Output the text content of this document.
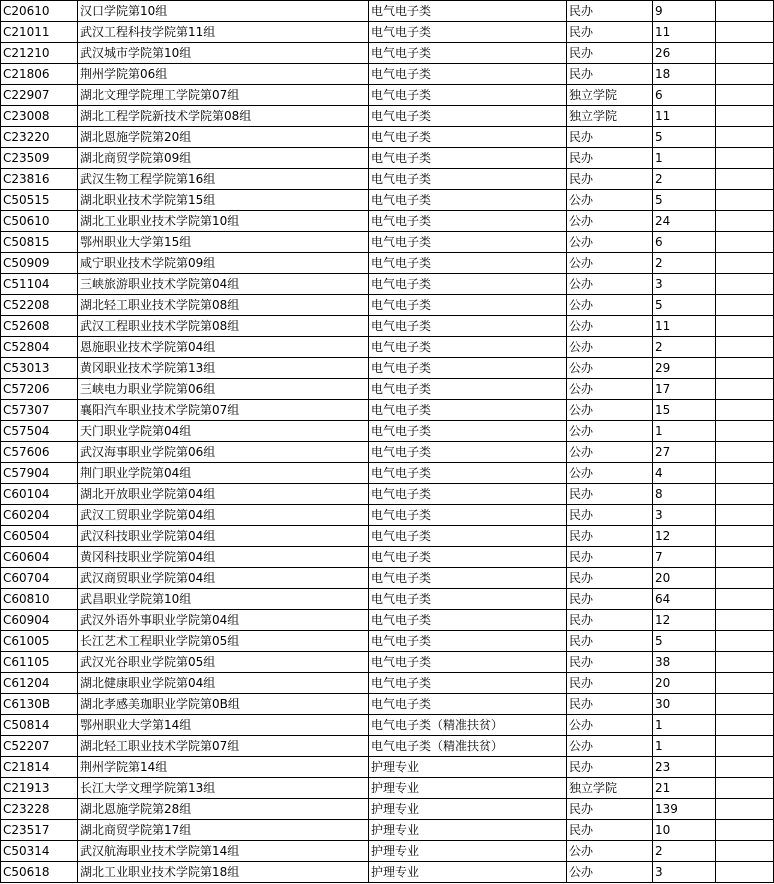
C20610	汉口学院第10组	电气电子类	民办	9	
C21011	武汉工程科技学院第11组	电气电子类	民办	11	
C21210	武汉城市学院第10组	电气电子类	民办	26	
C21806	荆州学院第06组	电气电子类	民办	18	
C22907	湖北文理学院理工学院第07组	电气电子类	独立学院	6	
C23008	湖北工程学院新技术学院第08组	电气电子类	独立学院	11	
C23220	湖北恩施学院第20组	电气电子类	民办	5	
C23509	湖北商贸学院第09组	电气电子类	民办	1	
C23816	武汉生物工程学院第16组	电气电子类	民办	2	
C50515	湖北职业技术学院第15组	电气电子类	公办	5	
C50610	湖北工业职业技术学院第10组	电气电子类	公办	24	
C50815	鄂州职业大学第15组	电气电子类	公办	6	
C50909	咸宁职业技术学院第09组	电气电子类	公办	2	
C51104	三峡旅游职业技术学院第04组	电气电子类	公办	3	
C52208	湖北轻工职业技术学院第08组	电气电子类	公办	5	
C52608	武汉工程职业技术学院第08组	电气电子类	公办	11	
C52804	恩施职业技术学院第04组	电气电子类	公办	2	
C53013	黄冈职业技术学院第13组	电气电子类	公办	29	
C57206	三峡电力职业学院第06组	电气电子类	公办	17	
C57307	襄阳汽车职业技术学院第07组	电气电子类	公办	15	
C57504	天门职业学院第04组	电气电子类	公办	1	
C57606	武汉海事职业学院第06组	电气电子类	公办	27	
C57904	荆门职业学院第04组	电气电子类	公办	4	
C60104	湖北开放职业学院第04组	电气电子类	民办	8	
C60204	武汉工贸职业学院第04组	电气电子类	民办	3	
C60504	武汉科技职业学院第04组	电气电子类	民办	12	
C60604	黄冈科技职业学院第04组	电气电子类	民办	7	
C60704	武汉商贸职业学院第04组	电气电子类	民办	20	
C60810	武昌职业学院第10组	电气电子类	民办	64	
C60904	武汉外语外事职业学院第04组	电气电子类	民办	12	
C61005	长江艺术工程职业学院第05组	电气电子类	民办	5	
C61105	武汉光谷职业学院第05组	电气电子类	民办	38	
C61204	湖北健康职业学院第04组	电气电子类	民办	20	
C6130B	湖北孝感美珈职业学院第0B组	电气电子类	民办	30	
C50814	鄂州职业大学第14组	电气电子类（精准扶贫）	公办	1	
C52207	湖北轻工职业技术学院第07组	电气电子类（精准扶贫）	公办	1	
C21814	荆州学院第14组	护理专业	民办	23	
C21913	长江大学文理学院第13组	护理专业	独立学院	21	
C23228	湖北恩施学院第28组	护理专业	民办	139	
C23517	湖北商贸学院第17组	护理专业	民办	10	
C50314	武汉航海职业技术学院第14组	护理专业	公办	2	
C50618	湖北工业职业技术学院第18组	护理专业	公办	3	
